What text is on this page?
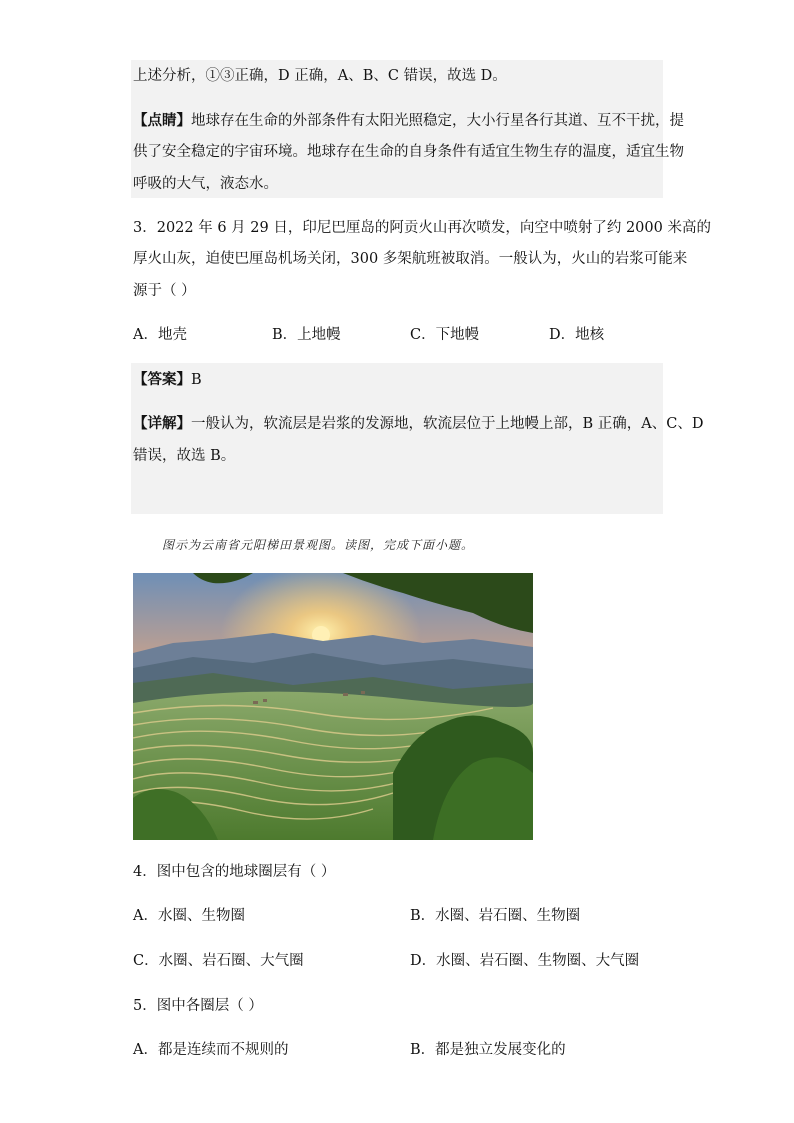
上述分析，①③正确，D 正确，A、B、C 错误，故选 D。
【点睛】地球存在生命的外部条件有太阳光照稳定，大小行星各行其道、互不干扰，提
供了安全稳定的宇宙环境。地球存在生命的自身条件有适宜生物生存的温度，适宜生物
呼吸的大气，液态水。
3．2022 年 6 月 29 日，印尼巴厘岛的阿贡火山再次喷发，向空中喷射了约 2000 米高的
厚火山灰，迫使巴厘岛机场关闭，300 多架航班被取消。一般认为，火山的岩浆可能来
源于（ ）
A．地壳	B．上地幔	C．下地幔	D．地核
【答案】B
【详解】一般认为，软流层是岩浆的发源地，软流层位于上地幔上部，B 正确，A、C、D
错误，故选 B。
图示为云南省元阳梯田景观图。读图，完成下面小题。
4．图中包含的地球圈层有（ ）
A．水圈、生物圈	B．水圈、岩石圈、生物圈
C．水圈、岩石圈、大气圈	D．水圈、岩石圈、生物圈、大气圈
5．图中各圈层（ ）
A．都是连续而不规则的	B．都是独立发展变化的
